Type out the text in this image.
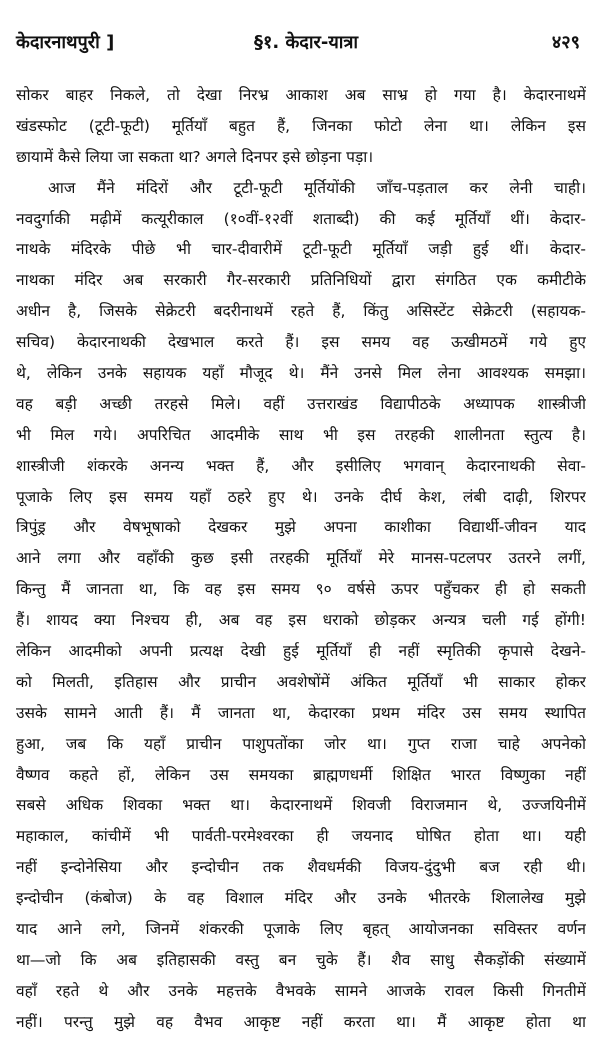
केदारनाथपुरी ]	§१. केदार-यात्रा	४२९
सोकर बाहर निकले, तो देखा निरभ्र आकाश अब साभ्र हो गया है। केदारनाथमें
खंडस्फोट (टूटी-फूटी) मूर्तियाँ बहुत हैं, जिनका फोटो लेना था। लेकिन इस
छायामें कैसे लिया जा सकता था? अगले दिनपर इसे छोड़ना पड़ा।
आज मैंने मंदिरों और टूटी-फूटी मूर्तियोंकी जाँच-पड़ताल कर लेनी चाही।
नवदुर्गाकी मढ़ीमें कत्यूरीकाल (१०वीं-१२वीं शताब्दी) की कई मूर्तियाँ थीं। केदार-
नाथके मंदिरके पीछे भी चार-दीवारीमें टूटी-फूटी मूर्तियाँ जड़ी हुई थीं। केदार-
नाथका मंदिर अब सरकारी गैर-सरकारी प्रतिनिधियों द्वारा संगठित एक कमीटीके
अधीन है, जिसके सेक्रेटरी बदरीनाथमें रहते हैं, किंतु असिस्टेंट सेक्रेटरी (सहायक-
सचिव) केदारनाथकी देखभाल करते हैं। इस समय वह ऊखीमठमें गये हुए
थे, लेकिन उनके सहायक यहाँ मौजूद थे। मैंने उनसे मिल लेना आवश्यक समझा।
वह बड़ी अच्छी तरहसे मिले। वहीं उत्तराखंड विद्यापीठके अध्यापक शास्त्रीजी
भी मिल गये। अपरिचित आदमीके साथ भी इस तरहकी शालीनता स्तुत्य है।
शास्त्रीजी शंकरके अनन्य भक्त हैं, और इसीलिए भगवान् केदारनाथकी सेवा-
पूजाके लिए इस समय यहाँ ठहरे हुए थे। उनके दीर्घ केश, लंबी दाढ़ी, शिरपर
त्रिपुंड्र और वेषभूषाको देखकर मुझे अपना काशीका विद्यार्थी-जीवन याद
आने लगा और वहाँकी कुछ इसी तरहकी मूर्तियाँ मेरे मानस-पटलपर उतरने लगीं,
किन्तु मैं जानता था, कि वह इस समय ९० वर्षसे ऊपर पहुँचकर ही हो सकती
हैं। शायद क्या निश्चय ही, अब वह इस धराको छोड़कर अन्यत्र चली गई होंगी!
लेकिन आदमीको अपनी प्रत्यक्ष देखी हुई मूर्तियाँ ही नहीं स्मृतिकी कृपासे देखने-
को मिलती, इतिहास और प्राचीन अवशेषोंमें अंकित मूर्तियाँ भी साकार होकर
उसके सामने आती हैं। मैं जानता था, केदारका प्रथम मंदिर उस समय स्थापित
हुआ, जब कि यहाँ प्राचीन पाशुपतोंका जोर था। गुप्त राजा चाहे अपनेको
वैष्णव कहते हों, लेकिन उस समयका ब्राह्मणधर्मी शिक्षित भारत विष्णुका नहीं
सबसे अधिक शिवका भक्त था। केदारनाथमें शिवजी विराजमान थे, उज्जयिनीमें
महाकाल, कांचीमें भी पार्वती-परमेश्वरका ही जयनाद घोषित होता था। यही
नहीं इन्दोनेसिया और इन्दोचीन तक शैवधर्मकी विजय-दुंदुभी बज रही थी।
इन्दोचीन (कंबोज) के वह विशाल मंदिर और उनके भीतरके शिलालेख मुझे
याद आने लगे, जिनमें शंकरकी पूजाके लिए बृहत् आयोजनका सविस्तर वर्णन
था—जो कि अब इतिहासकी वस्तु बन चुके हैं। शैव साधु सैकड़ोंकी संख्यामें
वहाँ रहते थे और उनके महत्तके वैभवके सामने आजके रावल किसी गिनतीमें
नहीं। परन्तु मुझे वह वैभव आकृष्ट नहीं करता था। मैं आकृष्ट होता था
